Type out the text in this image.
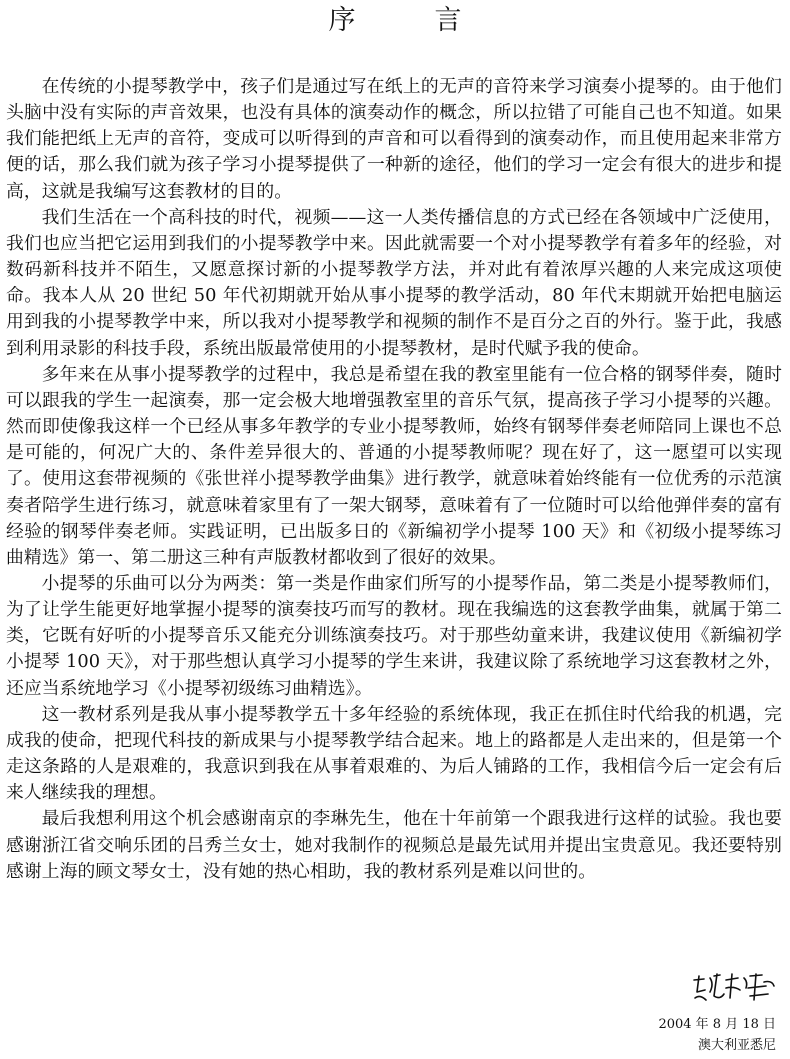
序　言

在传统的小提琴教学中，孩子们是通过写在纸上的无声的音符来学习演奏小提琴的。由于他们头脑中没有实际的声音效果，也没有具体的演奏动作的概念，所以拉错了可能自己也不知道。如果我们能把纸上无声的音符，变成可以听得到的声音和可以看得到的演奏动作，而且使用起来非常方便的话，那么我们就为孩子学习小提琴提供了一种新的途径，他们的学习一定会有很大的进步和提高，这就是我编写这套教材的目的。

我们生活在一个高科技的时代，视频——这一人类传播信息的方式已经在各领域中广泛使用，我们也应当把它运用到我们的小提琴教学中来。因此就需要一个对小提琴教学有着多年的经验，对数码新科技并不陌生，又愿意探讨新的小提琴教学方法，并对此有着浓厚兴趣的人来完成这项使命。我本人从 20 世纪 50 年代初期就开始从事小提琴的教学活动，80 年代末期就开始把电脑运用到我的小提琴教学中来，所以我对小提琴教学和视频的制作不是百分之百的外行。鉴于此，我感到利用录影的科技手段，系统出版最常使用的小提琴教材，是时代赋予我的使命。

多年来在从事小提琴教学的过程中，我总是希望在我的教室里能有一位合格的钢琴伴奏，随时可以跟我的学生一起演奏，那一定会极大地增强教室里的音乐气氛，提高孩子学习小提琴的兴趣。然而即使像我这样一个已经从事多年教学的专业小提琴教师，始终有钢琴伴奏老师陪同上课也不总是可能的，何况广大的、条件差异很大的、普通的小提琴教师呢？现在好了，这一愿望可以实现了。使用这套带视频的《张世祥小提琴教学曲集》进行教学，就意味着始终能有一位优秀的示范演奏者陪学生进行练习，就意味着家里有了一架大钢琴，意味着有了一位随时可以给他弹伴奏的富有经验的钢琴伴奏老师。实践证明，已出版多日的《新编初学小提琴 100 天》和《初级小提琴练习曲精选》第一、第二册这三种有声版教材都收到了很好的效果。

小提琴的乐曲可以分为两类：第一类是作曲家们所写的小提琴作品，第二类是小提琴教师们，为了让学生能更好地掌握小提琴的演奏技巧而写的教材。现在我编选的这套教学曲集，就属于第二类，它既有好听的小提琴音乐又能充分训练演奏技巧。对于那些幼童来讲，我建议使用《新编初学小提琴 100 天》，对于那些想认真学习小提琴的学生来讲，我建议除了系统地学习这套教材之外，还应当系统地学习《小提琴初级练习曲精选》。

这一教材系列是我从事小提琴教学五十多年经验的系统体现，我正在抓住时代给我的机遇，完成我的使命，把现代科技的新成果与小提琴教学结合起来。地上的路都是人走出来的，但是第一个走这条路的人是艰难的，我意识到我在从事着艰难的、为后人铺路的工作，我相信今后一定会有后来人继续我的理想。

最后我想利用这个机会感谢南京的李琳先生，他在十年前第一个跟我进行这样的试验。我也要感谢浙江省交响乐团的吕秀兰女士，她对我制作的视频总是最先试用并提出宝贵意见。我还要特别感谢上海的顾文琴女士，没有她的热心相助，我的教材系列是难以问世的。

2004 年 8 月 18 日
澳大利亚悉尼
